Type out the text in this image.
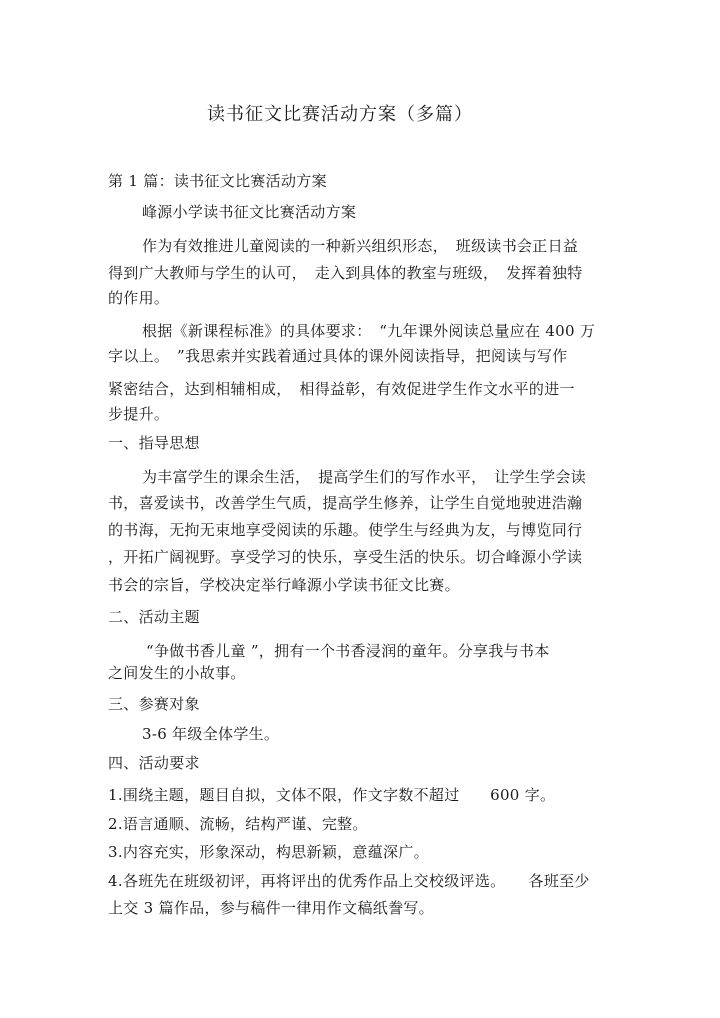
读书征文比赛活动方案（多篇）
第 1 篇：读书征文比赛活动方案
峰源小学读书征文比赛活动方案
作为有效推进儿童阅读的一种新兴组织形态，　班级读书会正日益
得到广大教师与学生的认可，　走入到具体的教室与班级，　发挥着独特
的作用。
根据《新课程标准》的具体要求：　“九年课外阅读总量应在 400 万
字以上。　”我思索并实践着通过具体的课外阅读指导，把阅读与写作
紧密结合，达到相辅相成，　相得益彰，有效促进学生作文水平的进一
步提升。
一、指导思想
为丰富学生的课余生活，　提高学生们的写作水平，　让学生学会读
书，喜爱读书，改善学生气质，提高学生修养，让学生自觉地驶进浩瀚
的书海，无拘无束地享受阅读的乐趣。使学生与经典为友，与博览同行
，开拓广阔视野。享受学习的快乐，享受生活的快乐。切合峰源小学读
书会的宗旨，学校决定举行峰源小学读书征文比赛。
二、活动主题
“争做书香儿童 ”，拥有一个书香浸润的童年。分享我与书本
之间发生的小故事。
三、参赛对象
3-6 年级全体学生。
四、活动要求
1.围绕主题，题目自拟，文体不限，作文字数不超过　　600 字。
2.语言通顺、流畅，结构严谨、完整。
3.内容充实，形象深动，构思新颖，意蕴深广。
4.各班先在班级初评，再将评出的优秀作品上交校级评选。　　各班至少
上交 3 篇作品，参与稿件一律用作文稿纸誊写。
